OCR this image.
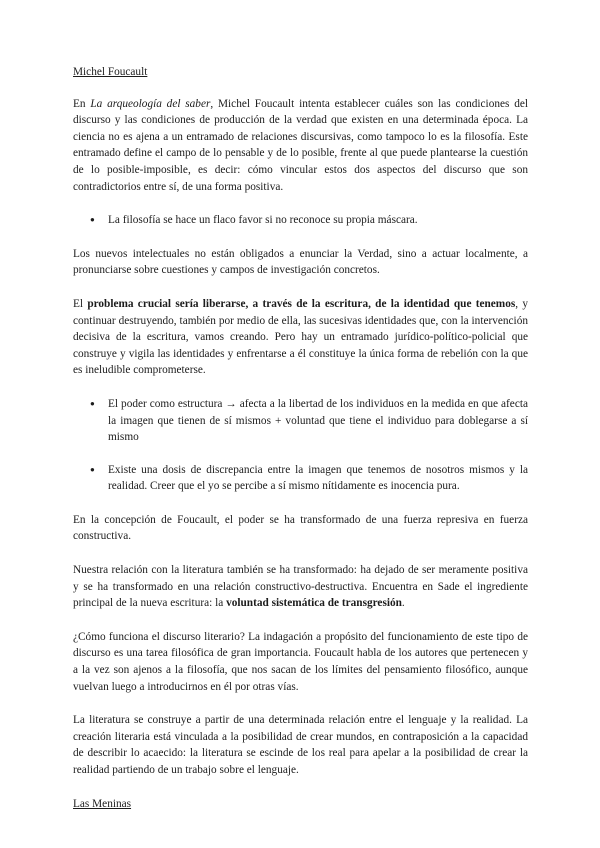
Michel Foucault

En La arqueología del saber, Michel Foucault intenta establecer cuáles son las condiciones del discurso y las condiciones de producción de la verdad que existen en una determinada época. La ciencia no es ajena a un entramado de relaciones discursivas, como tampoco lo es la filosofía. Este entramado define el campo de lo pensable y de lo posible, frente al que puede plantearse la cuestión de lo posible-imposible, es decir: cómo vincular estos dos aspectos del discurso que son contradictorios entre sí, de una forma positiva.

● La filosofía se hace un flaco favor si no reconoce su propia máscara.

Los nuevos intelectuales no están obligados a enunciar la Verdad, sino a actuar localmente, a pronunciarse sobre cuestiones y campos de investigación concretos.

El problema crucial sería liberarse, a través de la escritura, de la identidad que tenemos, y continuar destruyendo, también por medio de ella, las sucesivas identidades que, con la intervención decisiva de la escritura, vamos creando. Pero hay un entramado jurídico-político-policial que construye y vigila las identidades y enfrentarse a él constituye la única forma de rebelión con la que es ineludible comprometerse.

● El poder como estructura → afecta a la libertad de los individuos en la medida en que afecta la imagen que tienen de sí mismos + voluntad que tiene el individuo para doblegarse a sí mismo
● Existe una dosis de discrepancia entre la imagen que tenemos de nosotros mismos y la realidad. Creer que el yo se percibe a sí mismo nítidamente es inocencia pura.

En la concepción de Foucault, el poder se ha transformado de una fuerza represiva en fuerza constructiva.

Nuestra relación con la literatura también se ha transformado: ha dejado de ser meramente positiva y se ha transformado en una relación constructivo-destructiva. Encuentra en Sade el ingrediente principal de la nueva escritura: la voluntad sistemática de transgresión.

¿Cómo funciona el discurso literario? La indagación a propósito del funcionamiento de este tipo de discurso es una tarea filosófica de gran importancia. Foucault habla de los autores que pertenecen y a la vez son ajenos a la filosofía, que nos sacan de los límites del pensamiento filosófico, aunque vuelvan luego a introducirnos en él por otras vías.

La literatura se construye a partir de una determinada relación entre el lenguaje y la realidad. La creación literaria está vinculada a la posibilidad de crear mundos, en contraposición a la capacidad de describir lo acaecido: la literatura se escinde de los real para apelar a la posibilidad de crear la realidad partiendo de un trabajo sobre el lenguaje.

Las Meninas
